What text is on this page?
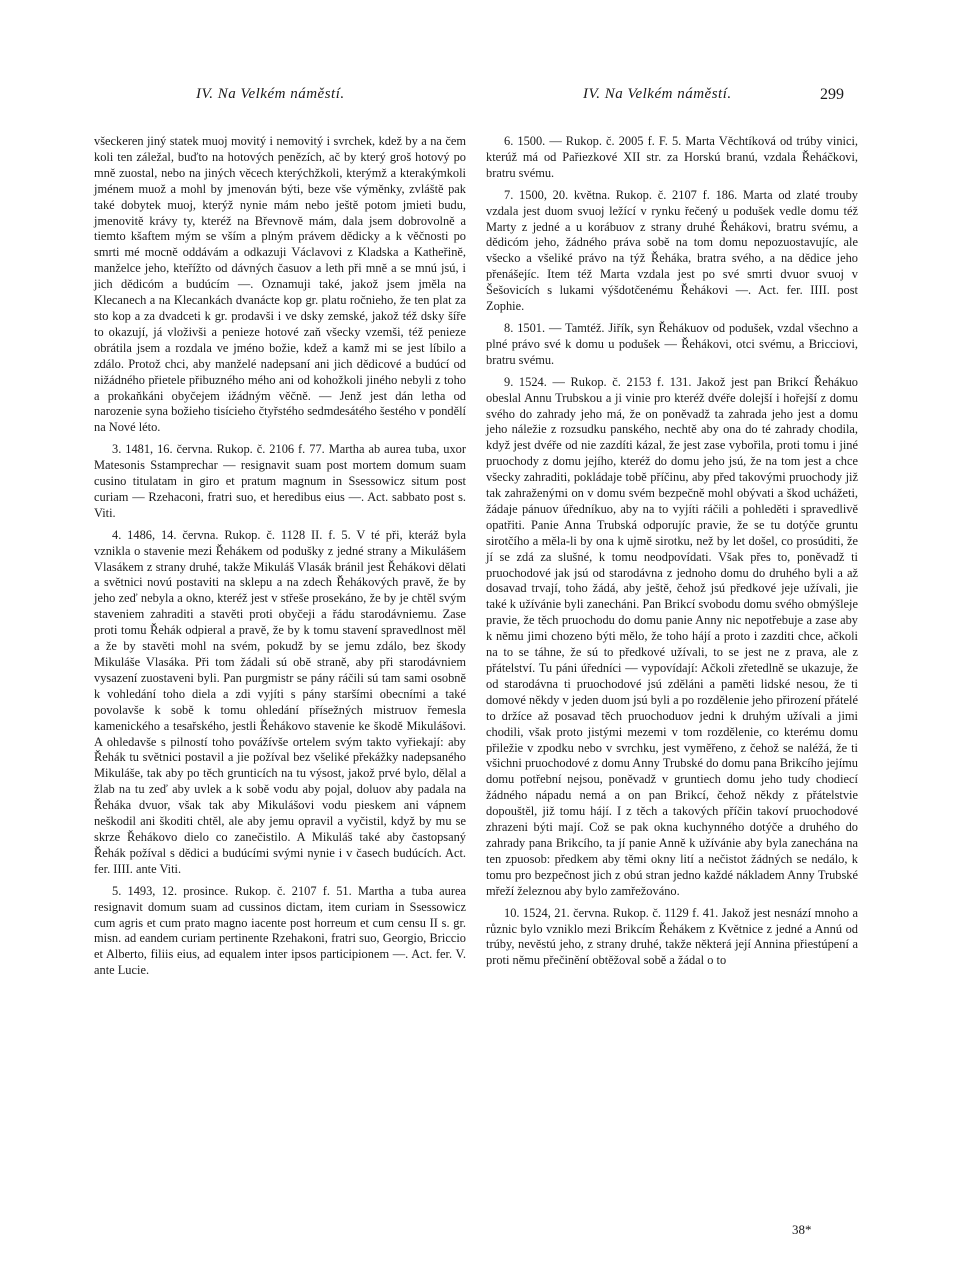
IV. Na Velkém náměstí.	IV. Na Velkém náměstí.	299

všeckeren jiný statek muoj movitý i nemovitý i svrchek, kdež by a na čem koli ten záležal, buďto na hotových penězích, ač by který groš hotový po mně zuostal, nebo na jiných věcech kterýchžkoli, kterýmž a kterakýmkoli jménem muož a mohl by jmenován býti, beze vše výměnky, zvláště pak také dobytek muoj, kterýž nynie mám nebo ještě potom jmieti budu, jmenovitě krávy ty, kteréž na Břevnově mám, dala jsem dobrovolně a tiemto kšaftem mým se vším a plným právem dědicky a k věčnosti po smrti mé mocně oddávám a odkazuji Václavovi z Kladska a Katheřině, manželce jeho, kteřížto od dávných časuov a leth při mně a se mnú jsú, i jich dědicóm a budúcím —. Oznamuji také, jakož jsem jměla na Klecanech a na Klecankách dvanácte kop gr. platu ročnieho, že ten plat za sto kop a za dvadceti k gr. prodavši i ve dsky zemské, jakož též dsky šíře to okazují, já vloživši a penieze hotové zaň všecky vzemši, též penieze obrátila jsem a rozdala ve jméno božie, kdež a kamž mi se jest líbilo a zdálo. Protož chci, aby manželé nadepsaní ani jich dědicové a budúcí od nižádného přietele přibuzného mého ani od kohožkoli jiného nebyli z toho a prokaňkáni obyčejem ižádným věčně. — Jenž jest dán letha od narozenie syna božieho tisícieho čtyřstého sedmdesátého šestého v pondělí na Nové léto.

3. 1481, 16. června. Rukop. č. 2106 f. 77. Martha ab aurea tuba, uxor Matesonis Sstamprechar — resignavit suam post mortem domum suam cusino titulatam in giro et pratum magnum in Ssessowicz situm post curiam — Rzehaconi, fratri suo, et heredibus eius —. Act. sabbato post s. Viti.

4. 1486, 14. června. Rukop. č. 1128 II. f. 5. V té při, kteráž byla vznikla o stavenie mezi Řehákem od podušky z jedné strany a Mikulášem Vlasákem z strany druhé, takže Mikuláš Vlasák bránil jest Řehákovi dělati a světnici novú postaviti na sklepu a na zdech Řehákových pravě, že by jeho zeď nebyla a okno, kteréž jest v střeše prosekáno, že by je chtěl svým staveniem zahraditi a stavěti proti obyčeji a řádu starodávniemu. Zase proti tomu Řehák odpieral a pravě, že by k tomu stavení spravedlnost měl a že by stavěti mohl na svém, pokudž by se jemu zdálo, bez škody Mikuláše Vlasáka. Při tom žádali sú obě straně, aby při starodávniem vysazení zuostaveni byli. Pan purgmistr se pány ráčili sú tam sami osobně k vohledání toho diela a zdi vyjíti s pány staršími obecními a také povolavše k sobě k tomu ohledání přísežných mistruov řemesla kamenického a tesařského, jestli Řehákovo stavenie ke škodě Mikulášovi. A ohledavše s pilností toho povážívše ortelem svým takto vyřiekají: aby Řehák tu světnici postavil a jie požíval bez všeliké překážky nadepsaného Mikuláše, tak aby po těch grunticích na tu výsost, jakož prvé bylo, dělal a žlab na tu zeď aby uvlek a k sobě vodu aby pojal, doluov aby padala na Řeháka dvuor, však tak aby Mikulášovi vodu pieskem ani vápnem neškodil ani škoditi chtěl, ale aby jemu opravil a vyčistil, když by mu se skrze Řehákovo dielo co zanečistilo. A Mikuláš také aby častopsaný Řehák požíval s dědici a budúcími svými nynie i v časech budúcích. Act. fer. IIII. ante Viti.

5. 1493, 12. prosince. Rukop. č. 2107 f. 51. Martha a tuba aurea resignavit domum suam ad cussinos dictam, item curiam in Ssessowicz cum agris et cum prato magno iacente post horreum et cum censu II s. gr. misn. ad eandem curiam pertinente Rzehakoni, fratri suo, Georgio, Briccio et Alberto, filiis eius, ad equalem inter ipsos participionem —. Act. fer. V. ante Lucie.

6. 1500. — Rukop. č. 2005 f. F. 5. Marta Věchtíková od trúby vinici, kterúž má od Pařiezkové XII str. za Horskú branú, vzdala Řeháčkovi, bratru svému.

7. 1500, 20. května. Rukop. č. 2107 f. 186. Marta od zlaté trouby vzdala jest duom svuoj ležící v rynku řečený u podušek vedle domu též Marty z jedné a u korábuov z strany druhé Řehákovi, bratru svému, a dědicóm jeho, žádného práva sobě na tom domu nepozuostavujíc, ale všecko a všeliké právo na týž Řeháka, bratra svého, a na dědice jeho přenášejíc. Item též Marta vzdala jest po své smrti dvuor svuoj v Šešovicích s lukami výšdotčenému Řehákovi —. Act. fer. IIII. post Zophie.

8. 1501. — Tamtéž. Jiřík, syn Řehákuov od podušek, vzdal všechno a plné právo své k domu u podušek — Řehákovi, otci svému, a Bricciovi, bratru svému.

9. 1524. — Rukop. č. 2153 f. 131. Jakož jest pan Brikcí Řehákuo obeslal Annu Trubskou a ji vinie pro kteréž dvéře dolejší i hořejší z domu svého do zahrady jeho má, že on poněvadž ta zahrada jeho jest a domu jeho náležie z rozsudku panského, nechtě aby ona do té zahrady chodila, když jest dvéře od nie zazdíti kázal, že jest zase vybořila, proti tomu i jiné pruochody z domu jejího, kteréž do domu jeho jsú, že na tom jest a chce všecky zahraditi, pokládaje tobě příčinu, aby před takovými pruochody již tak zahraženými on v domu svém bezpečně mohl obývati a škod uchážeti, žádaje pánuov úředníkuo, aby na to vyjíti ráčili a pohleděti i spravedlivě opatřiti. Panie Anna Trubská odporujíc pravie, že se tu dotýče gruntu sirotčího a měla-li by ona k ujmě sirotku, než by let došel, co prosúditi, že jí se zdá za slušné, k tomu neodpovídati. Však přes to, poněvadž ti pruochodové jak jsú od starodávna z jednoho domu do druhého byli a až dosavad trvají, toho žádá, aby ještě, čehož jsú předkové jeje užívali, jie také k užívánie byli zanecháni. Pan Brikcí svobodu domu svého obmýšleje pravie, že těch pruochodu do domu panie Anny nic nepotřebuje a zase aby k němu jimi chozeno býti mělo, že toho hájí a proto i zazditi chce, ačkoli na to se táhne, že sú to předkové užívali, to se jest ne z prava, ale z přátelství. Tu páni úředníci — vypovídají: Ačkoli zřetedlně se ukazuje, že od starodávna ti pruochodové jsú zděláni a paměti lidské nesou, že ti domové někdy v jeden duom jsú byli a po rozdělenie jeho přirození přátelé to držíce až posavad těch pruochoduov jedni k druhým užívali a jimi chodili, však proto jistými mezemi v tom rozdělenie, co kterému domu přiležie v zpodku nebo v svrchku, jest vyměřeno, z čehož se naléžá, že ti všichni pruochodové z domu Anny Trubské do domu pana Brikcího jejímu domu potřební nejsou, poněvadž v gruntiech domu jeho tudy chodiecí žádného nápadu nemá a on pan Brikcí, čehož někdy z přátelstvie dopouštěl, již tomu hájí. I z těch a takových příčin takoví pruochodové zhrazeni býti mají. Což se pak okna kuchynného dotýče a druhého do zahrady pana Brikcího, ta jí panie Anně k užívánie aby byla zanechána na ten zpuosob: předkem aby těmi okny lití a nečistot žádných se nedálo, k tomu pro bezpečnost jich z obú stran jedno každé nákladem Anny Trubské mřeží železnou aby bylo zamřežováno.

10. 1524, 21. června. Rukop. č. 1129 f. 41. Jakož jest nesnází mnoho a různic bylo vzniklo mezi Brikcím Řehákem z Květnice z jedné a Annú od trúby, nevěstú jeho, z strany druhé, takže některá její Annina přiestúpení a proti němu přečinění obtěžoval sobě a žádal o to

38*
